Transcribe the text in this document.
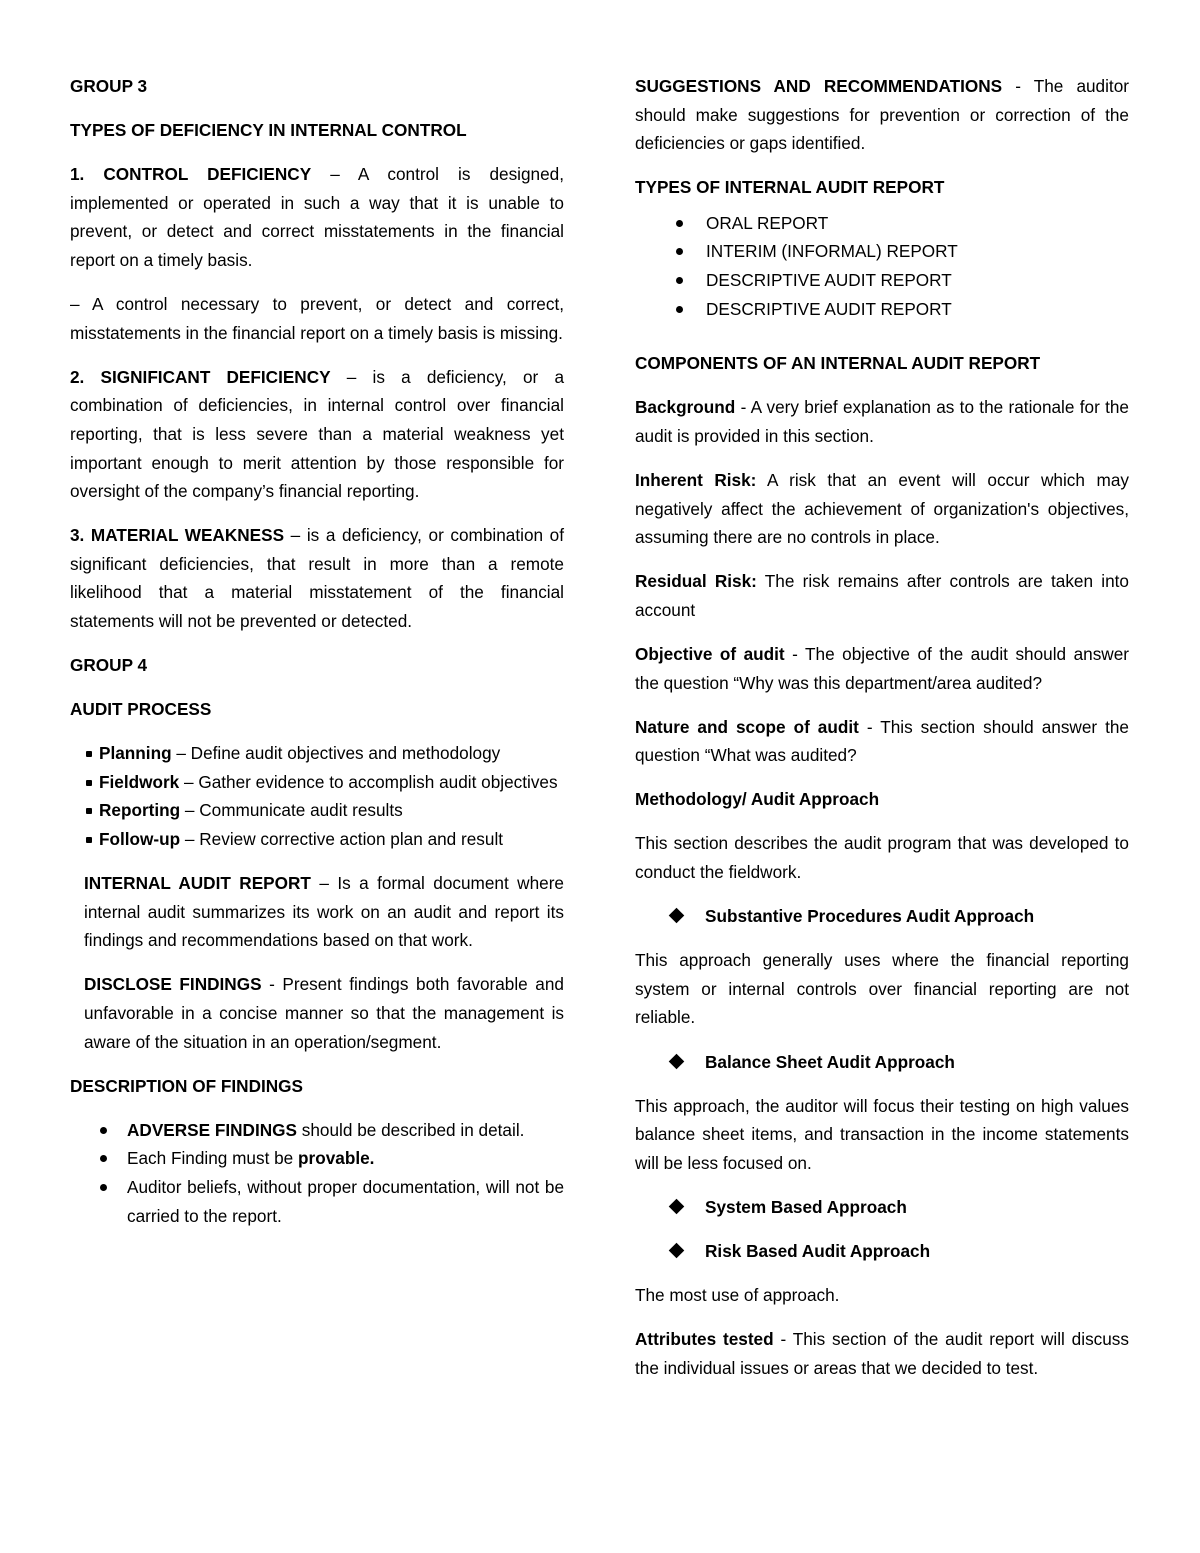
GROUP 3

TYPES OF DEFICIENCY IN INTERNAL CONTROL

1. CONTROL DEFICIENCY – A control is designed, implemented or operated in such a way that it is unable to prevent, or detect and correct misstatements in the financial report on a timely basis.

– A control necessary to prevent, or detect and correct, misstatements in the financial report on a timely basis is missing.

2. SIGNIFICANT DEFICIENCY – is a deficiency, or a combination of deficiencies, in internal control over financial reporting, that is less severe than a material weakness yet important enough to merit attention by those responsible for oversight of the company’s financial reporting.

3. MATERIAL WEAKNESS – is a deficiency, or combination of significant deficiencies, that result in more than a remote likelihood that a material misstatement of the financial statements will not be prevented or detected.

GROUP 4

AUDIT PROCESS

Planning – Define audit objectives and methodology
Fieldwork – Gather evidence to accomplish audit objectives
Reporting – Communicate audit results
Follow-up – Review corrective action plan and result

INTERNAL AUDIT REPORT – Is a formal document where internal audit summarizes its work on an audit and report its findings and recommendations based on that work.

DISCLOSE FINDINGS - Present findings both favorable and unfavorable in a concise manner so that the management is aware of the situation in an operation/segment.

DESCRIPTION OF FINDINGS

ADVERSE FINDINGS should be described in detail.
Each Finding must be provable.
Auditor beliefs, without proper documentation, will not be carried to the report.

SUGGESTIONS AND RECOMMENDATIONS - The auditor should make suggestions for prevention or correction of the deficiencies or gaps identified.

TYPES OF INTERNAL AUDIT REPORT

ORAL REPORT
INTERIM (INFORMAL) REPORT
DESCRIPTIVE AUDIT REPORT
DESCRIPTIVE AUDIT REPORT

COMPONENTS OF AN INTERNAL AUDIT REPORT

Background - A very brief explanation as to the rationale for the audit is provided in this section.

Inherent Risk: A risk that an event will occur which may negatively affect the achievement of organization's objectives, assuming there are no controls in place.

Residual Risk: The risk remains after controls are taken into account

Objective of audit - The objective of the audit should answer the question “Why was this department/area audited?

Nature and scope of audit - This section should answer the question “What was audited?

Methodology/ Audit Approach

This section describes the audit program that was developed to conduct the fieldwork.

Substantive Procedures Audit Approach

This approach generally uses where the financial reporting system or internal controls over financial reporting are not reliable.

Balance Sheet Audit Approach

This approach, the auditor will focus their testing on high values balance sheet items, and transaction in the income statements will be less focused on.

System Based Approach

Risk Based Audit Approach

The most use of approach.

Attributes tested - This section of the audit report will discuss the individual issues or areas that we decided to test.
